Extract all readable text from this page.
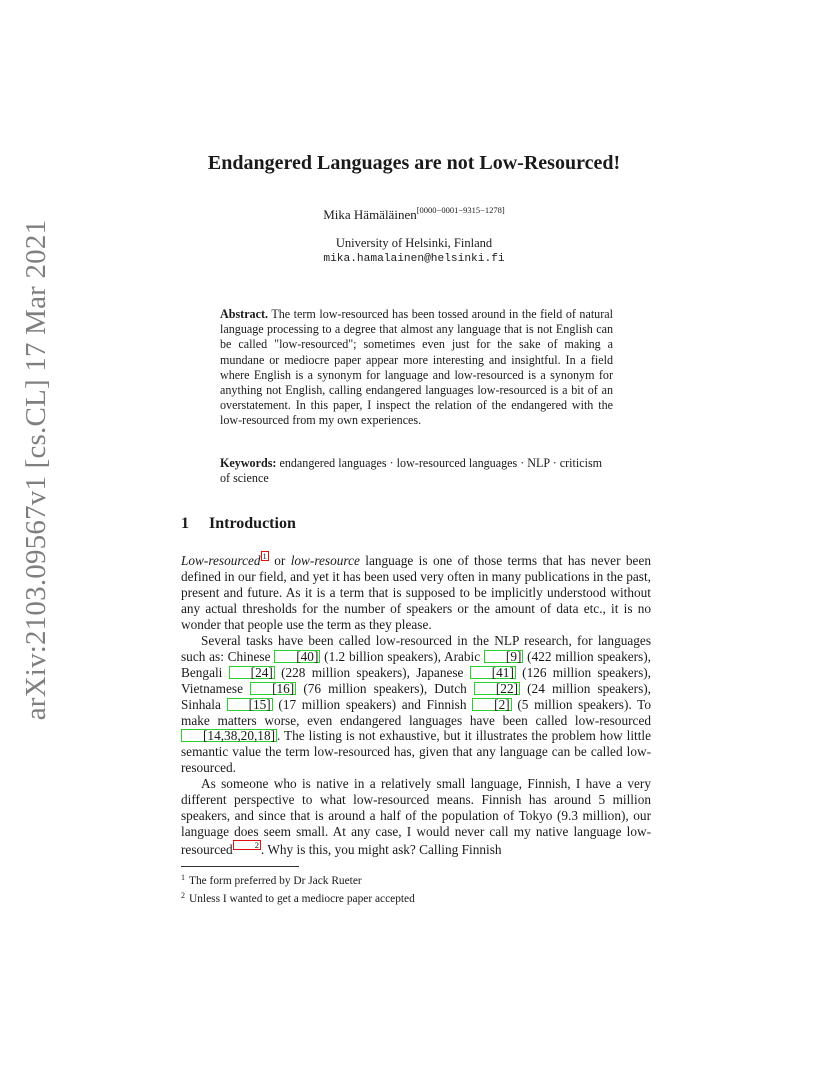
arXiv:2103.09567v1 [cs.CL] 17 Mar 2021
Endangered Languages are not Low-Resourced!
Mika Hämäläinen[0000−0001−9315−1278]
University of Helsinki, Finland
mika.hamalainen@helsinki.fi
Abstract. The term low-resourced has been tossed around in the field of natural language processing to a degree that almost any language that is not English can be called "low-resourced"; sometimes even just for the sake of making a mundane or mediocre paper appear more interesting and insightful. In a field where English is a synonym for language and low-resourced is a synonym for anything not English, calling endangered languages low-resourced is a bit of an overstatement. In this paper, I inspect the relation of the endangered with the low-resourced from my own experiences.
Keywords: endangered languages · low-resourced languages · NLP · criticism of science
1 Introduction

Low-resourced 1 or low-resource language is one of those terms that has never been defined in our field, and yet it has been used very often in many publications in the past, present and future. As it is a term that is supposed to be implicitly understood without any actual thresholds for the number of speakers or the amount of data etc., it is no wonder that people use the term as they please.

Several tasks have been called low-resourced in the NLP research, for languages such as: Chinese [40] (1.2 billion speakers), Arabic [9] (422 million speakers), Bengali [24] (228 million speakers), Japanese [41] (126 million speakers), Vietnamese [16] (76 million speakers), Dutch [22] (24 million speakers), Sinhala [15] (17 million speakers) and Finnish [2] (5 million speakers). To make matters worse, even endangered languages have been called low-resourced [14,38,20,18] . The listing is not exhaustive, but it illustrates the problem how little semantic value the term low-resourced has, given that any language can be called low-resourced.

As someone who is native in a relatively small language, Finnish, I have a very different perspective to what low-resourced means. Finnish has around 5 million speakers, and since that is around a half of the population of Tokyo (9.3 million), our language does seem small. At any case, I would never call my native language low-resourced	2 . Why is this, you might ask? Calling Finnish

$^1$ The form preferred by Dr Jack Rueter
$^2$ Unless I wanted to get a mediocre paper accepted
